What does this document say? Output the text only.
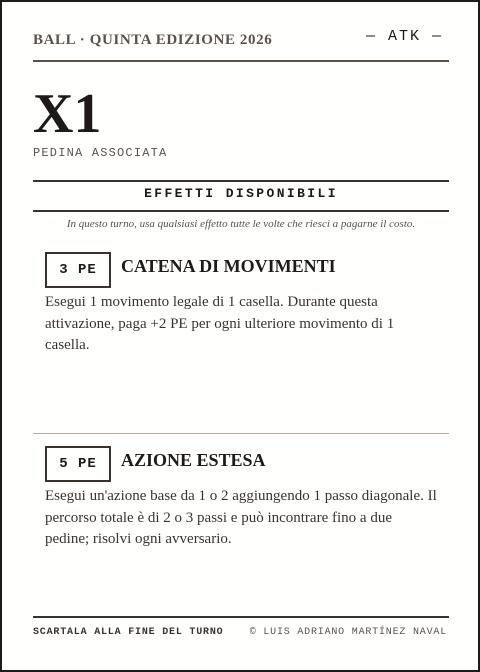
BALL · QUINTA EDIZIONE 2026	— ATK —
X1
PEDINA ASSOCIATA
EFFETTI DISPONIBILI
In questo turno, usa qualsiasi effetto tutte le volte che riesci a pagarne il costo.
3 PE	CATENA DI MOVIMENTI
Esegui 1 movimento legale di 1 casella. Durante questa attivazione, paga +2 PE per ogni ulteriore movimento di 1 casella.
5 PE	AZIONE ESTESA
Esegui un'azione base da 1 o 2 aggiungendo 1 passo diagonale. Il percorso totale è di 2 o 3 passi e può incontrare fino a due pedine; risolvi ogni avversario.
SCARTALA ALLA FINE DEL TURNO	© LUIS ADRIANO MARTÍNEZ NAVAL
